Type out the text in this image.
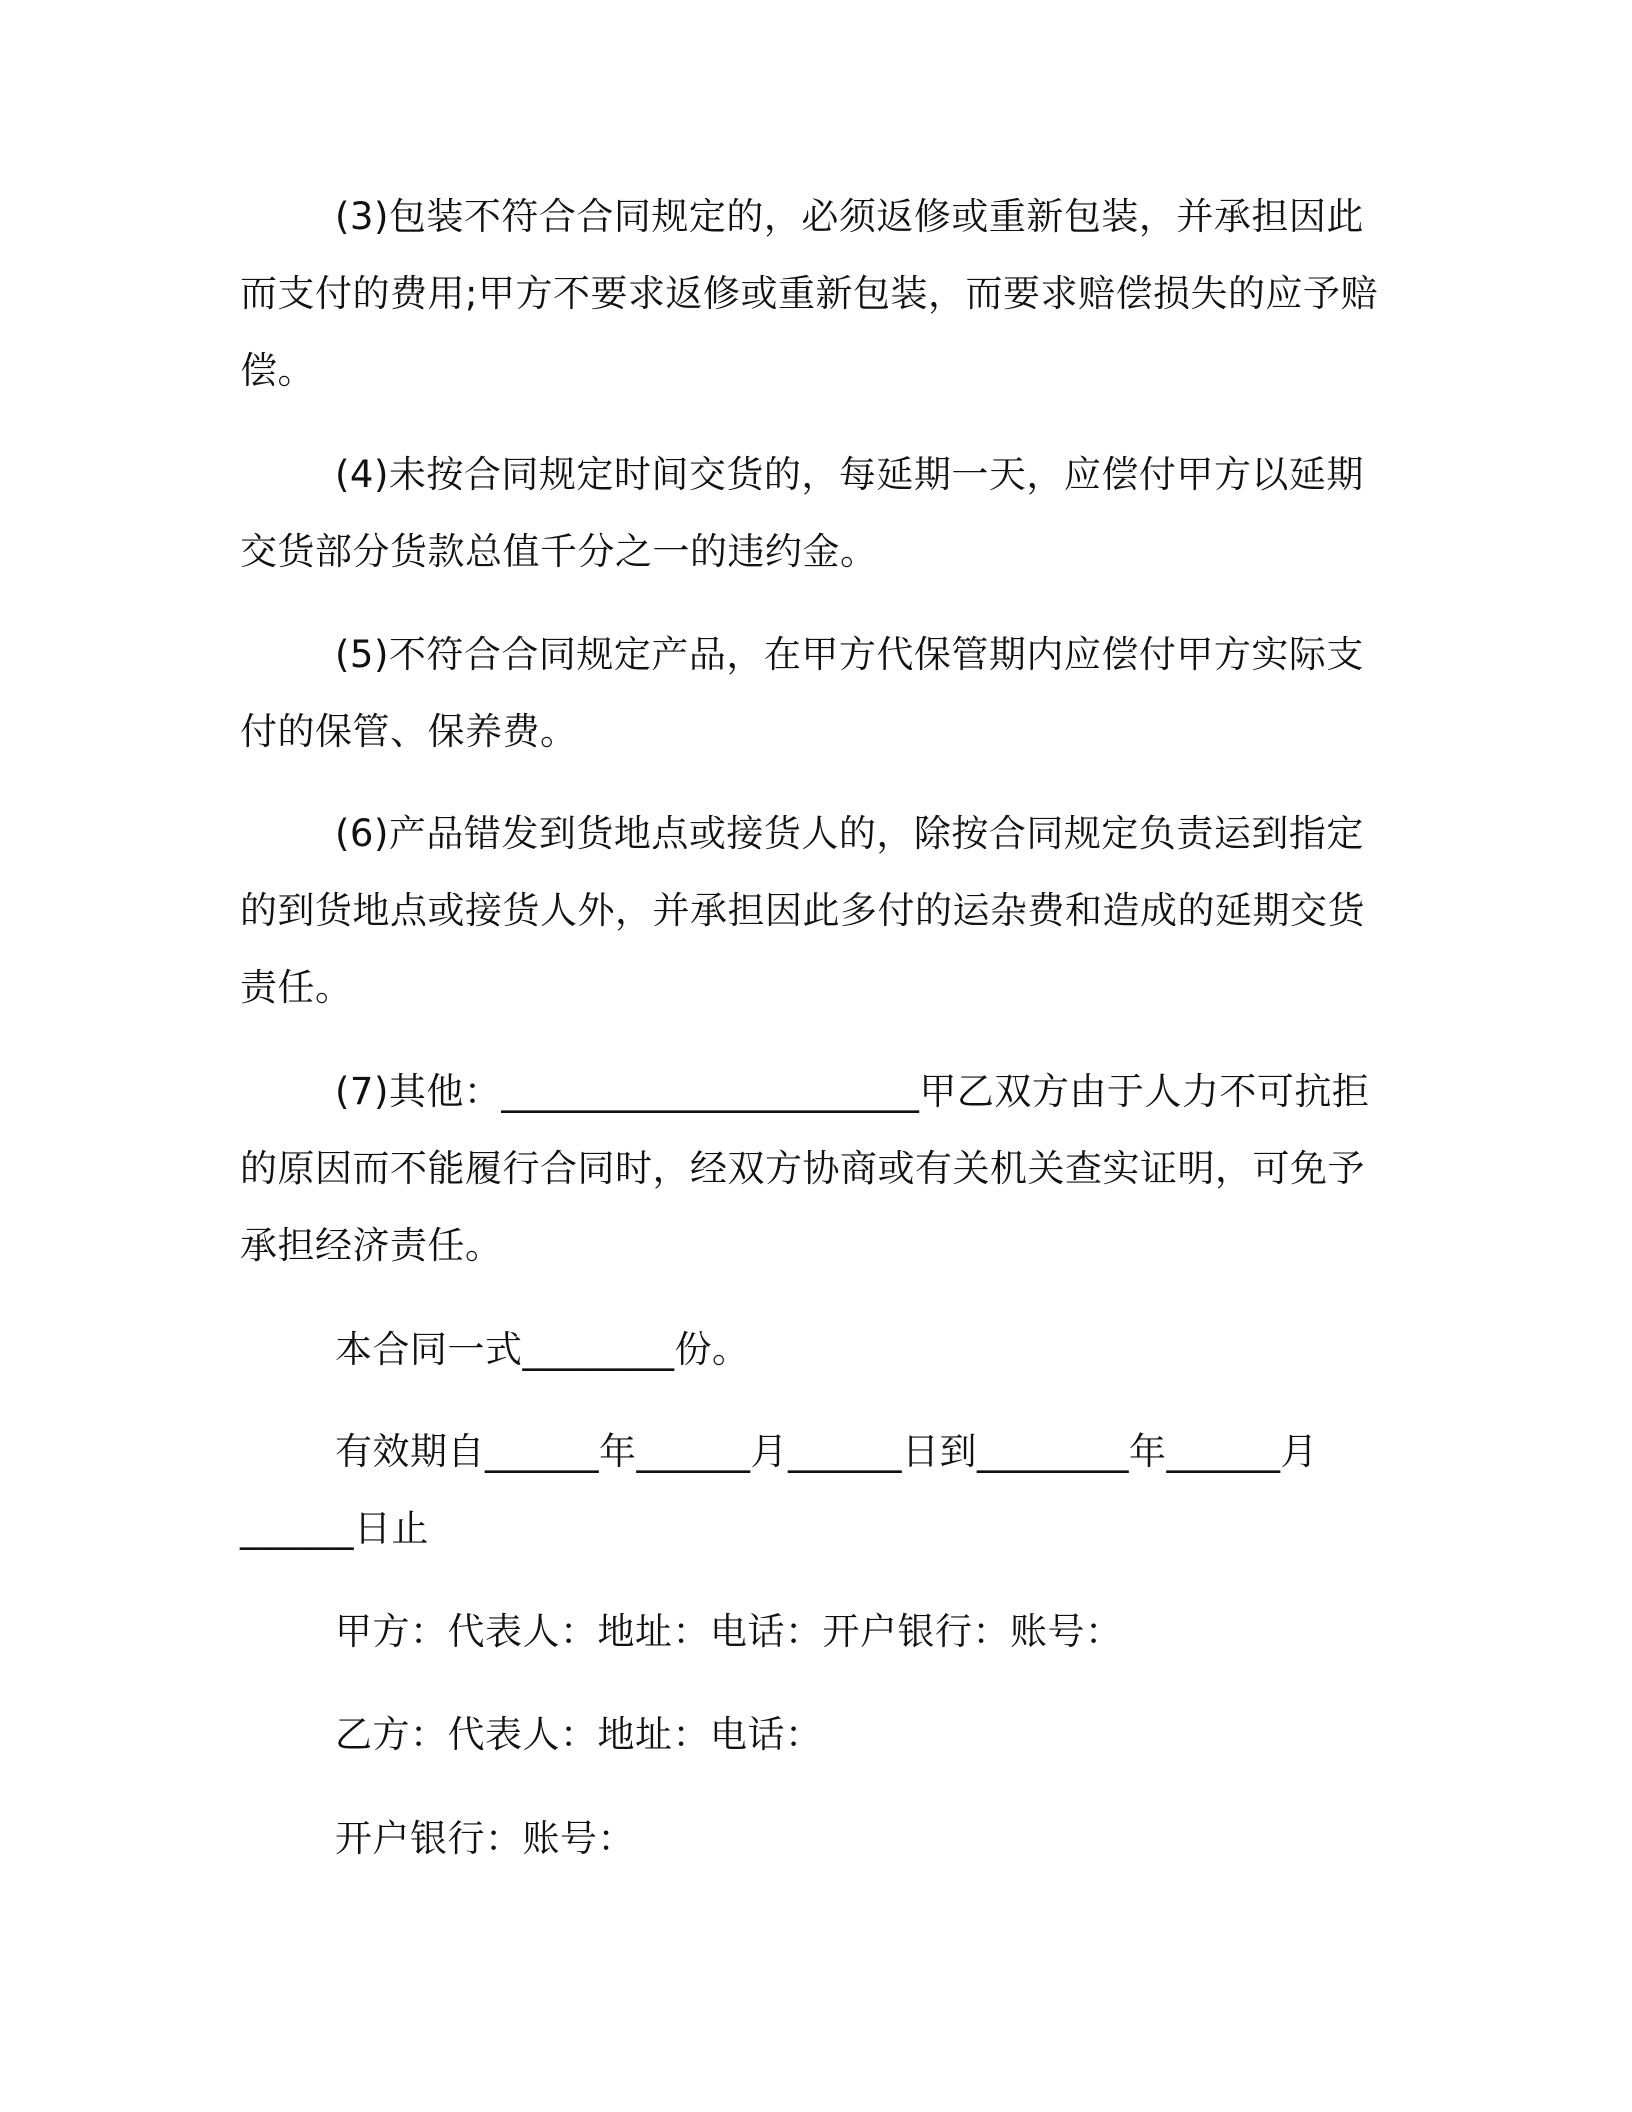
(3)包装不符合合同规定的，必须返修或重新包装，并承担因此
而支付的费用;甲方不要求返修或重新包装，而要求赔偿损失的应予赔
偿。
(4)未按合同规定时间交货的，每延期一天，应偿付甲方以延期
交货部分货款总值千分之一的违约金。
(5)不符合合同规定产品，在甲方代保管期内应偿付甲方实际支
付的保管、保养费。
(6)产品错发到货地点或接货人的，除按合同规定负责运到指定
的到货地点或接货人外，并承担因此多付的运杂费和造成的延期交货
责任。
(7)其他：______________________甲乙双方由于人力不可抗拒
的原因而不能履行合同时，经双方协商或有关机关查实证明，可免予
承担经济责任。
本合同一式________份。
有效期自______年______月______日到________年______月
______日止
甲方：代表人：地址：电话：开户银行：账号：
乙方：代表人：地址：电话：
开户银行：账号：
